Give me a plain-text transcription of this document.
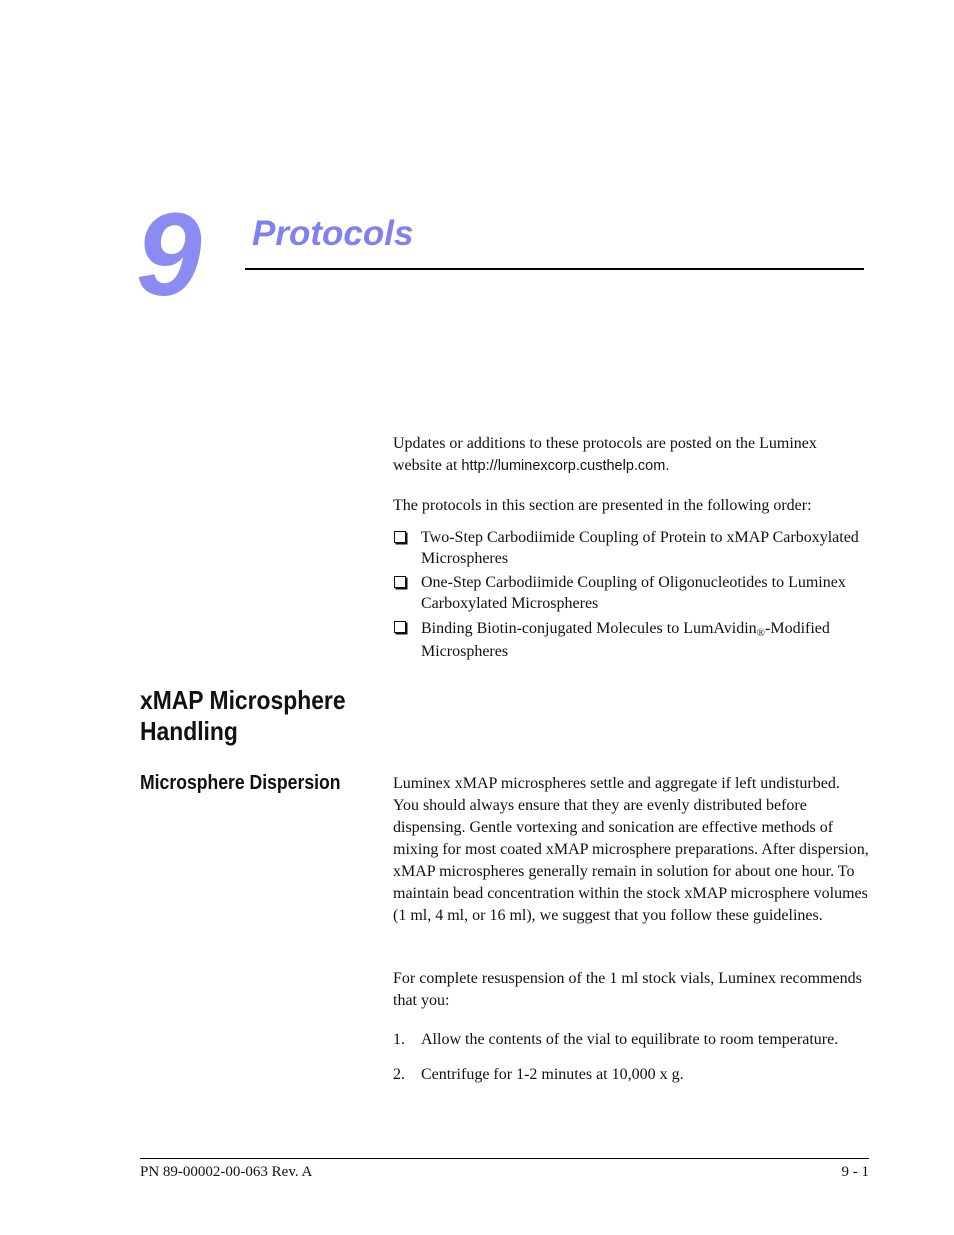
9 Protocols

Updates or additions to these protocols are posted on the Luminex website at http://luminexcorp.custhelp.com.

The protocols in this section are presented in the following order:

Two-Step Carbodiimide Coupling of Protein to xMAP Carboxylated Microspheres
One-Step Carbodiimide Coupling of Oligonucleotides to Luminex Carboxylated Microspheres
Binding Biotin-conjugated Molecules to LumAvidin$_®$-Modified Microspheres
xMAP Microsphere Handling
Microsphere Dispersion	Luminex xMAP microspheres settle and aggregate if left undisturbed. You should always ensure that they are evenly distributed before dispensing. Gentle vortexing and sonication are effective methods of mixing for most coated xMAP microsphere preparations. After dispersion, xMAP microspheres generally remain in solution for about one hour. To maintain bead concentration within the stock xMAP microsphere volumes (1 ml, 4 ml, or 16 ml), we suggest that you follow these guidelines.

For complete resuspension of the 1 ml stock vials, Luminex recommends that you:

1. Allow the contents of the vial to equilibrate to room temperature.
2. Centrifuge for 1-2 minutes at 10,000 x g.
PN 89-00002-00-063 Rev. A	9 - 1
